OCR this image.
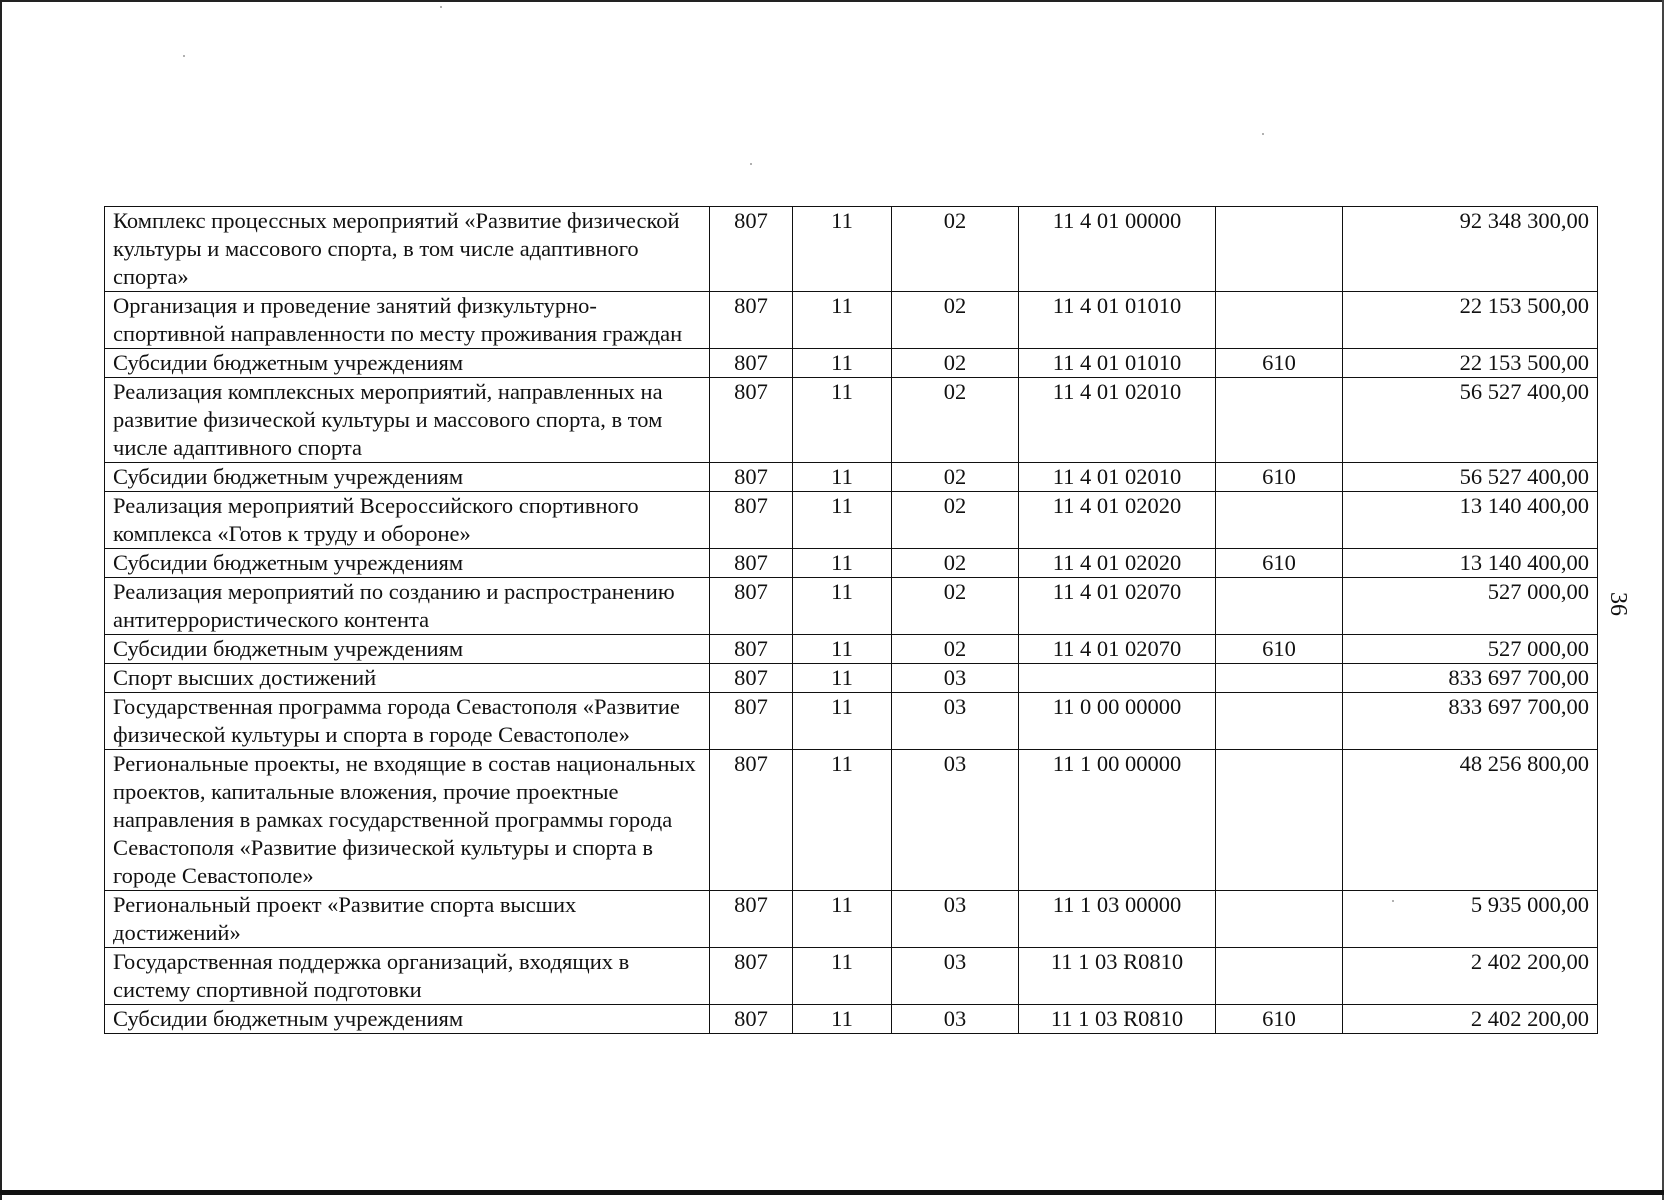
36
Комплекс процессных мероприятий «Развитие физической культуры и массового спорта, в том числе адаптивного спорта»	807	11	02	11 4 01 00000		92 348 300,00
Организация и проведение занятий физкультурно-спортивной направленности по месту проживания граждан	807	11	02	11 4 01 01010		22 153 500,00
Субсидии бюджетным учреждениям	807	11	02	11 4 01 01010	610	22 153 500,00
Реализация комплексных мероприятий, направленных на развитие физической культуры и массового спорта, в том числе адаптивного спорта	807	11	02	11 4 01 02010		56 527 400,00
Субсидии бюджетным учреждениям	807	11	02	11 4 01 02010	610	56 527 400,00
Реализация мероприятий Всероссийского спортивного комплекса «Готов к труду и обороне»	807	11	02	11 4 01 02020		13 140 400,00
Субсидии бюджетным учреждениям	807	11	02	11 4 01 02020	610	13 140 400,00
Реализация мероприятий по созданию и распространению антитеррористического контента	807	11	02	11 4 01 02070		527 000,00
Субсидии бюджетным учреждениям	807	11	02	11 4 01 02070	610	527 000,00
Спорт высших достижений	807	11	03			833 697 700,00
Государственная программа города Севастополя «Развитие физической культуры и спорта в городе Севастополе»	807	11	03	11 0 00 00000		833 697 700,00
Региональные проекты, не входящие в состав национальных проектов, капитальные вложения, прочие проектные направления в рамках государственной программы города Севастополя «Развитие физической культуры и спорта в городе Севастополе»	807	11	03	11 1 00 00000		48 256 800,00
Региональный проект «Развитие спорта высших достижений»	807	11	03	11 1 03 00000		5 935 000,00
Государственная поддержка организаций, входящих в систему спортивной подготовки	807	11	03	11 1 03 R0810		2 402 200,00
Субсидии бюджетным учреждениям	807	11	03	11 1 03 R0810	610	2 402 200,00
